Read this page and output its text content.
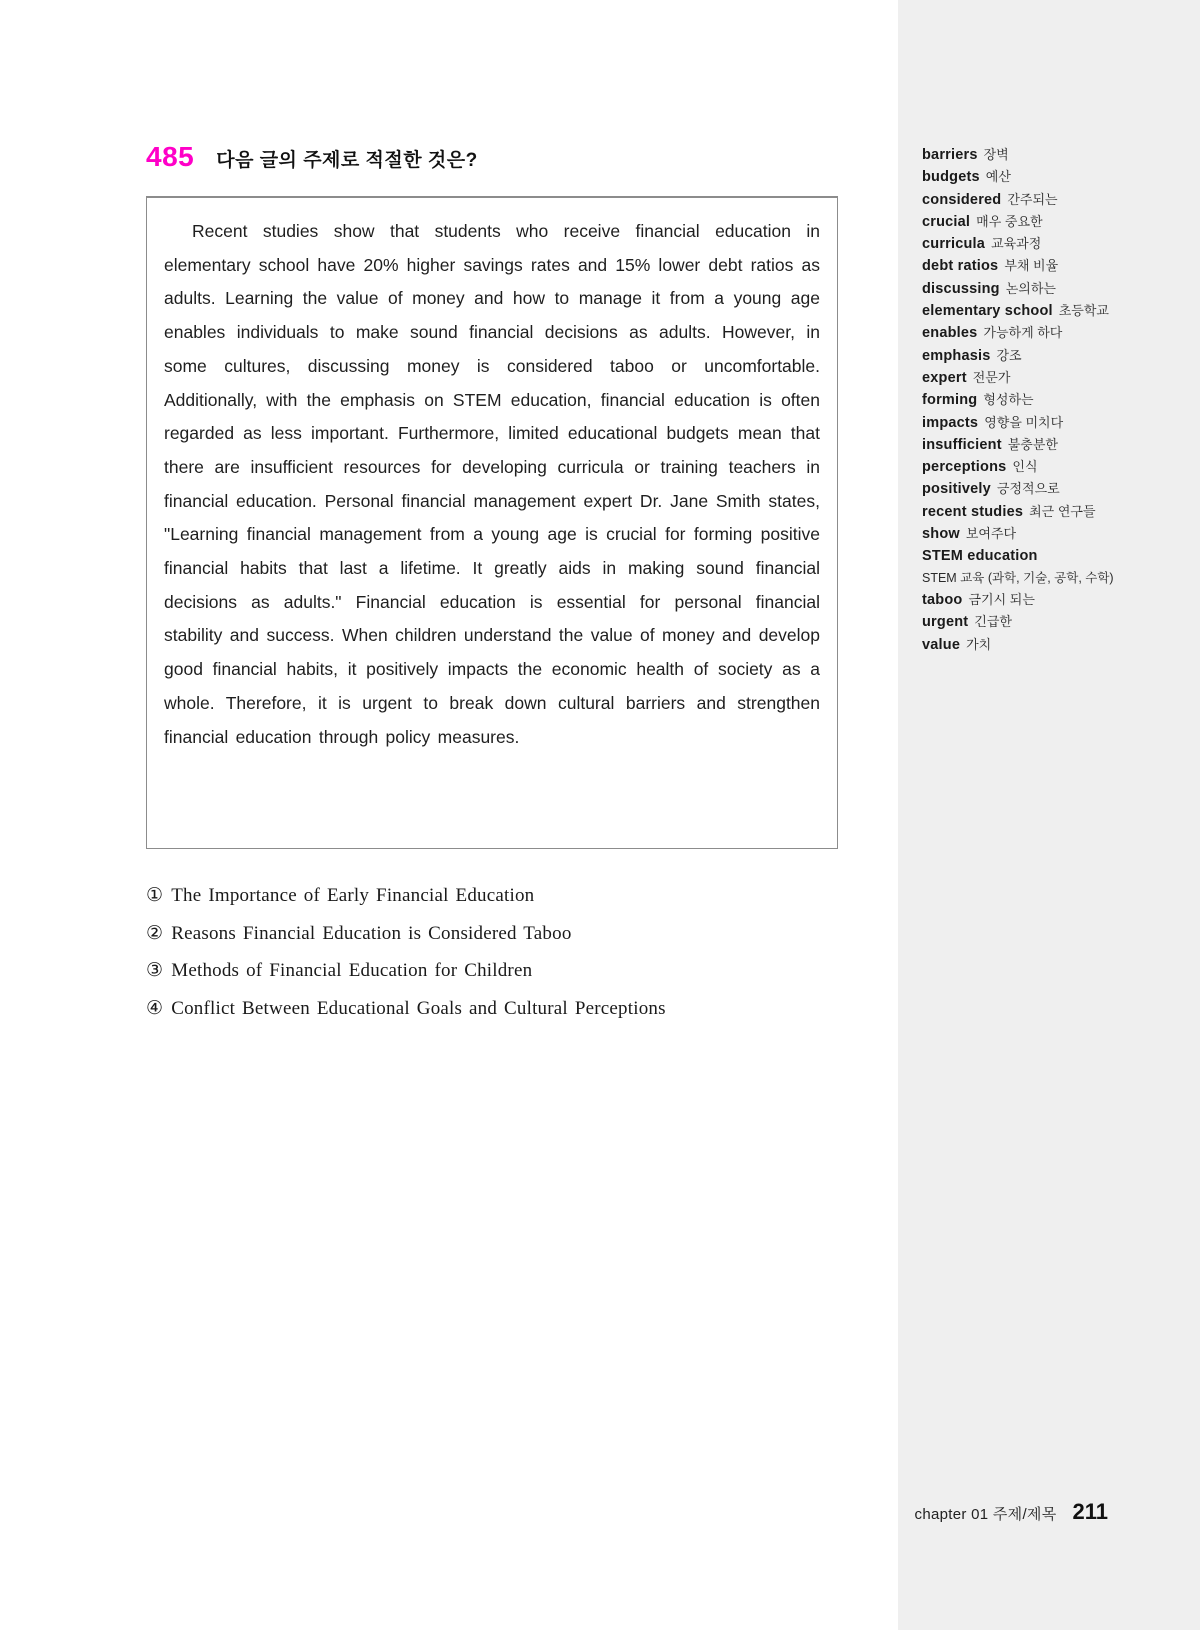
485 다음 글의 주제로 적절한 것은?

Recent studies show that students who receive financial education in elementary school have 20% higher savings rates and 15% lower debt ratios as adults. Learning the value of money and how to manage it from a young age enables individuals to make sound financial decisions as adults. However, in some cultures, discussing money is considered taboo or uncomfortable. Additionally, with the emphasis on STEM education, financial education is often regarded as less important. Furthermore, limited educational budgets mean that there are insufficient resources for developing curricula or training teachers in financial education. Personal financial management expert Dr. Jane Smith states, "Learning financial management from a young age is crucial for forming positive financial habits that last a lifetime. It greatly aids in making sound financial decisions as adults." Financial education is essential for personal financial stability and success. When children understand the value of money and develop good financial habits, it positively impacts the economic health of society as a whole. Therefore, it is urgent to break down cultural barriers and strengthen financial education through policy measures.

① The Importance of Early Financial Education
② Reasons Financial Education is Considered Taboo
③ Methods of Financial Education for Children
④ Conflict Between Educational Goals and Cultural Perceptions
barriers 장벽
budgets 예산
considered 간주되는
crucial 매우 중요한
curricula 교육과정
debt ratios 부채 비율
discussing 논의하는
elementary school 초등학교
enables 가능하게 하다
emphasis 강조
expert 전문가
forming 형성하는
impacts 영향을 미치다
insufficient 불충분한
perceptions 인식
positively 긍정적으로
recent studies 최근 연구들
show 보여주다
STEM education
STEM 교육 (과학, 기술, 공학, 수학)
taboo 금기시 되는
urgent 긴급한
value 가치
chapter 01 주제/제목 211
